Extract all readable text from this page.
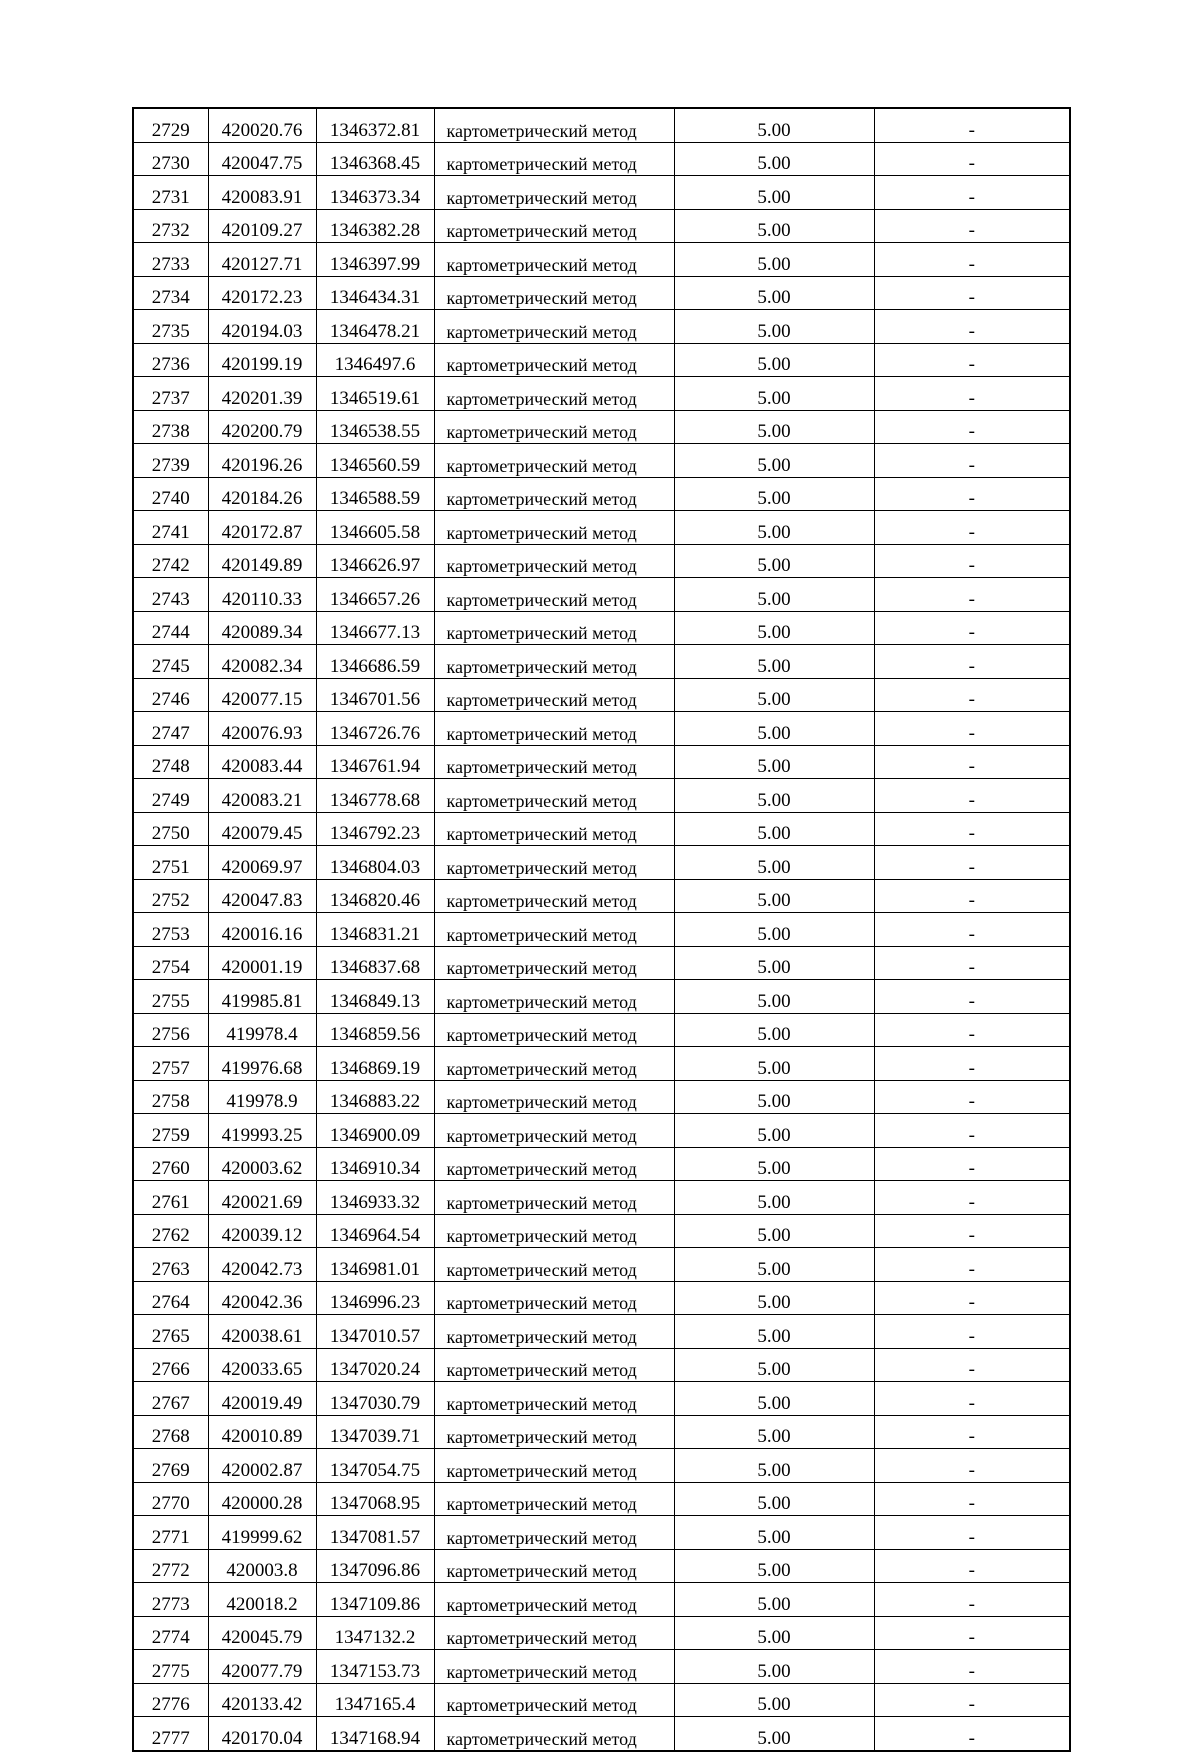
2729	420020.76	1346372.81	картометрический метод	5.00	-
2730	420047.75	1346368.45	картометрический метод	5.00	-
2731	420083.91	1346373.34	картометрический метод	5.00	-
2732	420109.27	1346382.28	картометрический метод	5.00	-
2733	420127.71	1346397.99	картометрический метод	5.00	-
2734	420172.23	1346434.31	картометрический метод	5.00	-
2735	420194.03	1346478.21	картометрический метод	5.00	-
2736	420199.19	1346497.6	картометрический метод	5.00	-
2737	420201.39	1346519.61	картометрический метод	5.00	-
2738	420200.79	1346538.55	картометрический метод	5.00	-
2739	420196.26	1346560.59	картометрический метод	5.00	-
2740	420184.26	1346588.59	картометрический метод	5.00	-
2741	420172.87	1346605.58	картометрический метод	5.00	-
2742	420149.89	1346626.97	картометрический метод	5.00	-
2743	420110.33	1346657.26	картометрический метод	5.00	-
2744	420089.34	1346677.13	картометрический метод	5.00	-
2745	420082.34	1346686.59	картометрический метод	5.00	-
2746	420077.15	1346701.56	картометрический метод	5.00	-
2747	420076.93	1346726.76	картометрический метод	5.00	-
2748	420083.44	1346761.94	картометрический метод	5.00	-
2749	420083.21	1346778.68	картометрический метод	5.00	-
2750	420079.45	1346792.23	картометрический метод	5.00	-
2751	420069.97	1346804.03	картометрический метод	5.00	-
2752	420047.83	1346820.46	картометрический метод	5.00	-
2753	420016.16	1346831.21	картометрический метод	5.00	-
2754	420001.19	1346837.68	картометрический метод	5.00	-
2755	419985.81	1346849.13	картометрический метод	5.00	-
2756	419978.4	1346859.56	картометрический метод	5.00	-
2757	419976.68	1346869.19	картометрический метод	5.00	-
2758	419978.9	1346883.22	картометрический метод	5.00	-
2759	419993.25	1346900.09	картометрический метод	5.00	-
2760	420003.62	1346910.34	картометрический метод	5.00	-
2761	420021.69	1346933.32	картометрический метод	5.00	-
2762	420039.12	1346964.54	картометрический метод	5.00	-
2763	420042.73	1346981.01	картометрический метод	5.00	-
2764	420042.36	1346996.23	картометрический метод	5.00	-
2765	420038.61	1347010.57	картометрический метод	5.00	-
2766	420033.65	1347020.24	картометрический метод	5.00	-
2767	420019.49	1347030.79	картометрический метод	5.00	-
2768	420010.89	1347039.71	картометрический метод	5.00	-
2769	420002.87	1347054.75	картометрический метод	5.00	-
2770	420000.28	1347068.95	картометрический метод	5.00	-
2771	419999.62	1347081.57	картометрический метод	5.00	-
2772	420003.8	1347096.86	картометрический метод	5.00	-
2773	420018.2	1347109.86	картометрический метод	5.00	-
2774	420045.79	1347132.2	картометрический метод	5.00	-
2775	420077.79	1347153.73	картометрический метод	5.00	-
2776	420133.42	1347165.4	картометрический метод	5.00	-
2777	420170.04	1347168.94	картометрический метод	5.00	-
